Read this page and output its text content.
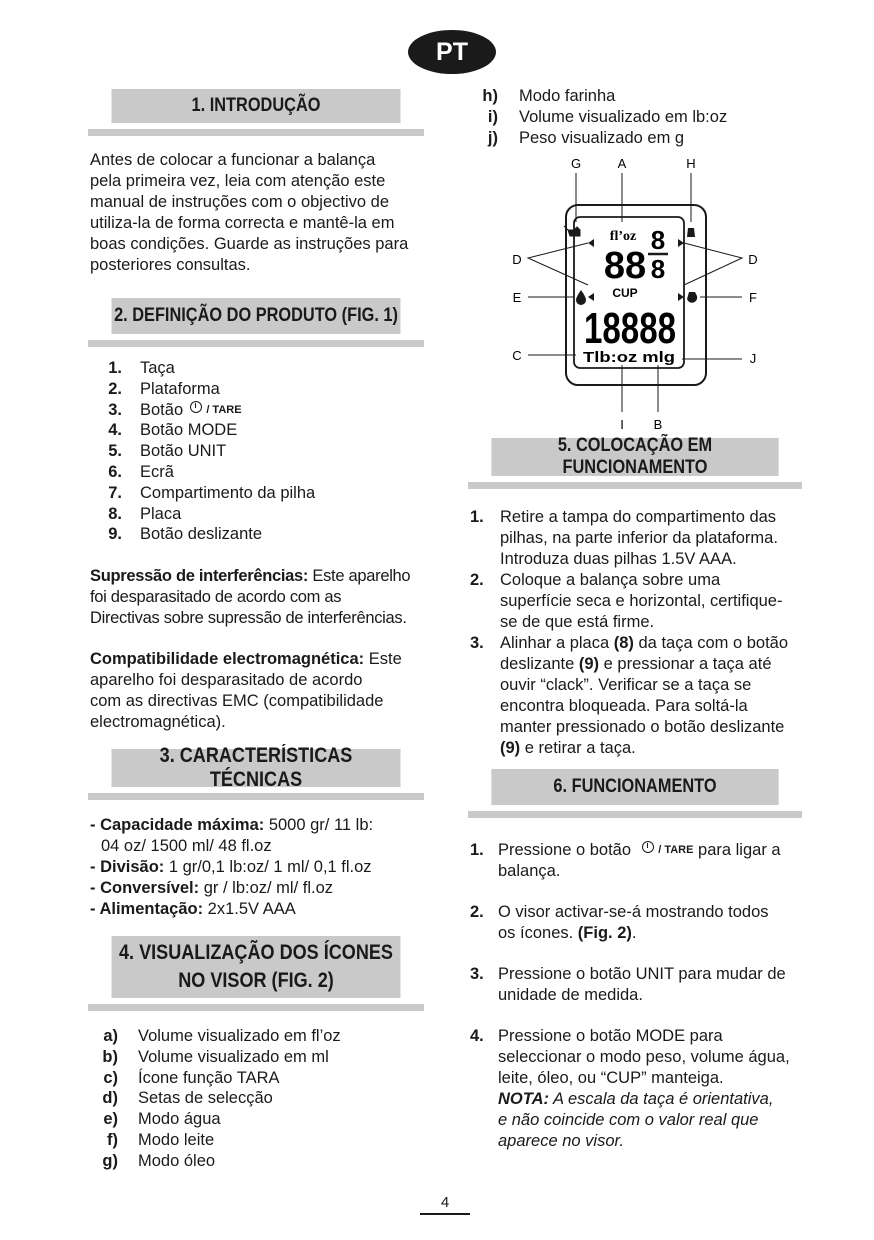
PT
1. INTRODUÇÃO
Antes de colocar a funcionar a balança
pela primeira vez, leia com atenção este
manual de instruções com o objectivo de
utiliza-la de forma correcta e mantê-la em
boas condições. Guarde as instruções para
posteriores consultas.
2. DEFINIÇÃO DO PRODUTO (FIG. 1)
1. Taça
2. Plataforma
3. Botão / TARE
4. Botão MODE
5. Botão UNIT
6. Ecrã
7. Compartimento da pilha
8. Placa
9. Botão deslizante
Supressão de interferências: Este aparelho
foi desparasitado de acordo com as
Directivas sobre supressão de interferências.
Compatibilidade electromagnética: Este
aparelho foi desparasitado de acordo
com as directivas EMC (compatibilidade
electromagnética).
3. CARACTERÍSTICAS TÉCNICAS
- Capacidade máxima: 5000 gr/ 11 lb:
04 oz/ 1500 ml/ 48 fl.oz
- Divisão: 1 gr/0,1 lb:oz/ 1 ml/ 0,1 fl.oz
- Conversível: gr / lb:oz/ ml/ fl.oz
- Alimentação: 2x1.5V AAA
4. VISUALIZAÇÃO DOS ÍCONES
NO VISOR (FIG. 2)
a) Volume visualizado em fl’oz
b) Volume visualizado em ml
c) Ícone função TARA
d) Setas de selecção
e) Modo água
f) Modo leite
g) Modo óleo
h) Modo farinha
i) Volume visualizado em lb:oz
j) Peso visualizado em g
G	A	H
D	D
E	F
C	J
I B
fl’oz
88
8
8
CUP
18888
Tlb:oz mlg
5. COLOCAÇÃO EM FUNCIONAMENTO
1. Retire a tampa do compartimento das
pilhas, na parte inferior da plataforma.
Introduza duas pilhas 1.5V AAA.
2. Coloque a balança sobre uma
superfície seca e horizontal, certifique-
se de que está firme.
3. Alinhar a placa (8) da taça com o botão
deslizante (9) e pressionar a taça até
ouvir “clack”. Verificar se a taça se
encontra bloqueada. Para soltá-la
manter pressionado o botão deslizante
(9) e retirar a taça.
6. FUNCIONAMENTO
1. Pressione o botão / TARE para ligar a
balança.
2. O visor activar-se-á mostrando todos
os ícones. (Fig. 2).
3. Pressione o botão UNIT para mudar de
unidade de medida.
4. Pressione o botão MODE para
seleccionar o modo peso, volume água,
leite, óleo, ou “CUP” manteiga.
NOTA: A escala da taça é orientativa,
e não coincide com o valor real que
aparece no visor.
4
